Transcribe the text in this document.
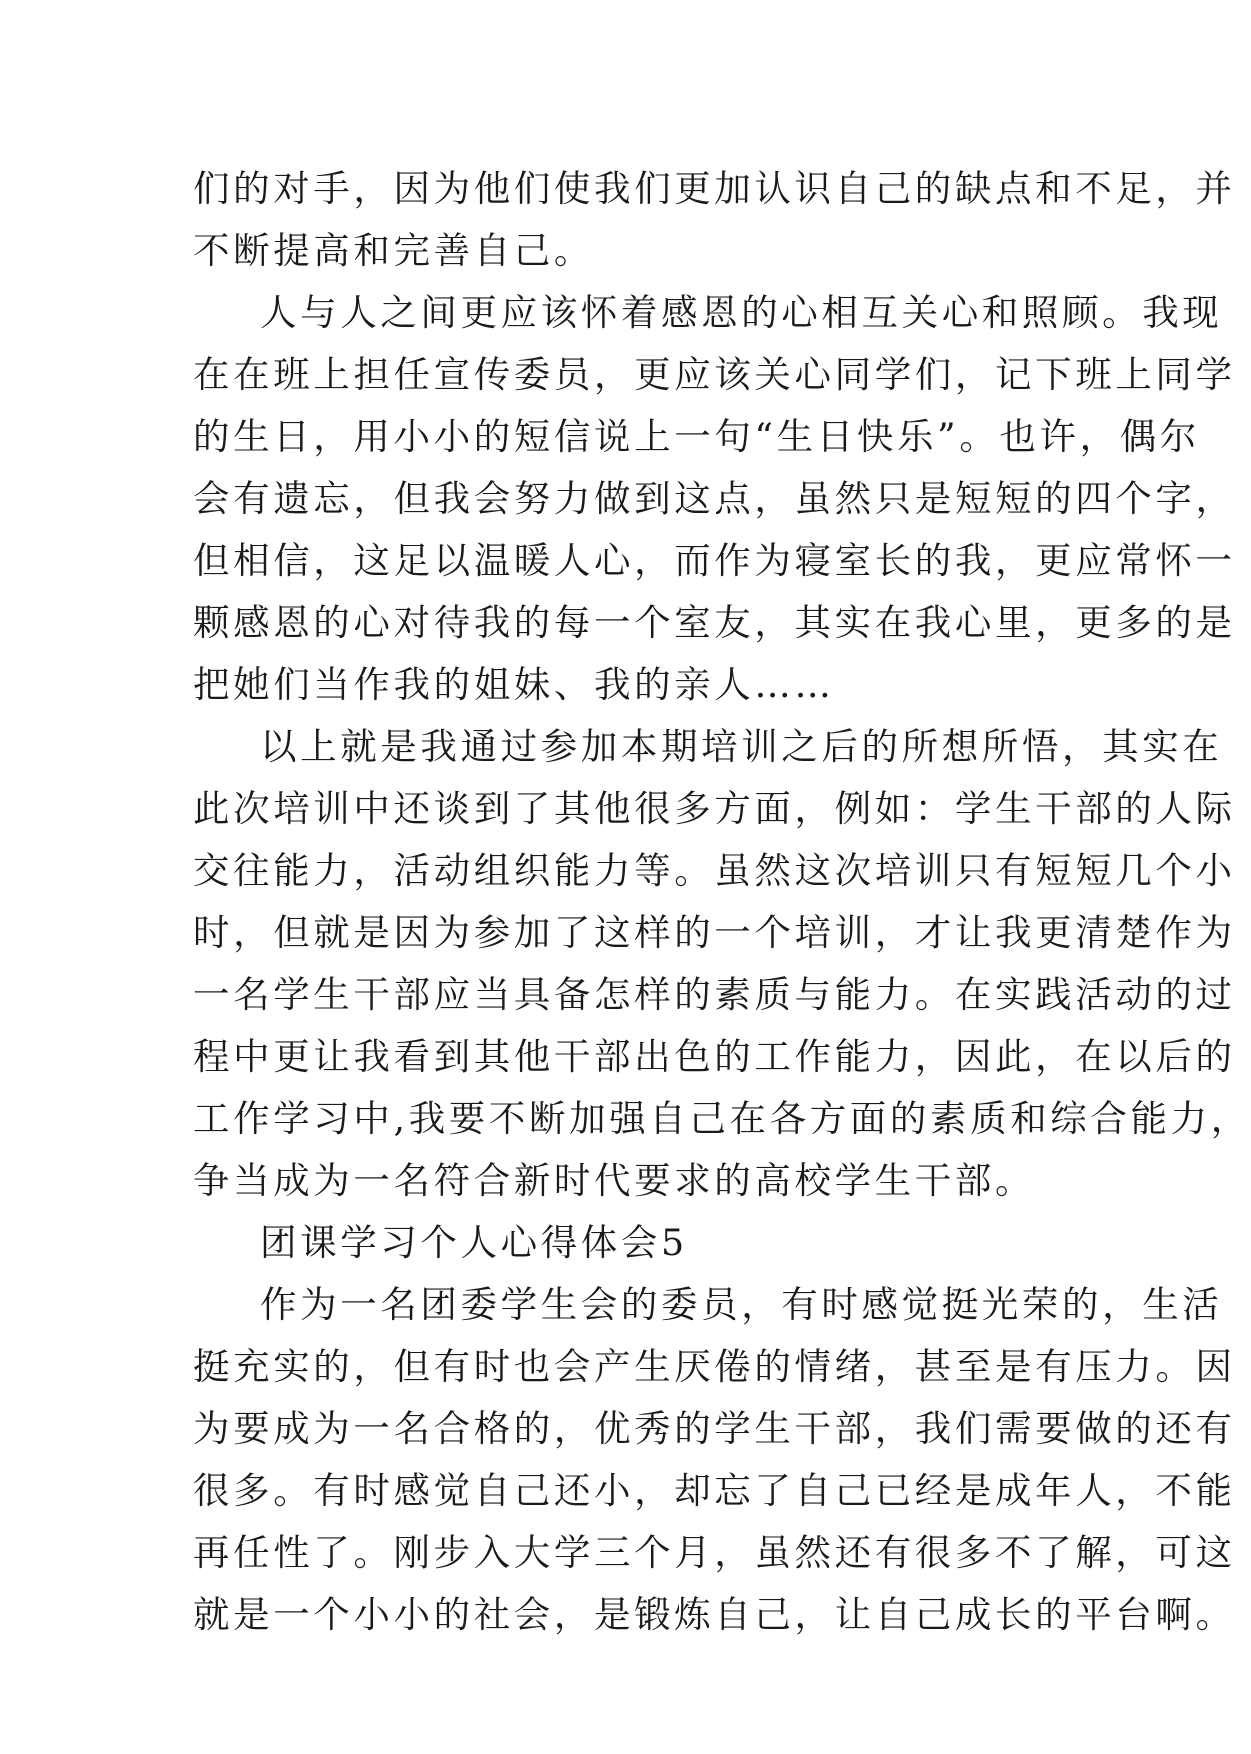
们的对手，因为他们使我们更加认识自己的缺点和不足，并
不断提高和完善自己。
人与人之间更应该怀着感恩的心相互关心和照顾。我现
在在班上担任宣传委员，更应该关心同学们，记下班上同学
的生日，用小小的短信说上一句“生日快乐”。也许，偶尔
会有遗忘，但我会努力做到这点，虽然只是短短的四个字，
但相信，这足以温暖人心，而作为寝室长的我，更应常怀一
颗感恩的心对待我的每一个室友，其实在我心里，更多的是
把她们当作我的姐妹、我的亲人……
以上就是我通过参加本期培训之后的所想所悟，其实在
此次培训中还谈到了其他很多方面，例如：学生干部的人际
交往能力，活动组织能力等。虽然这次培训只有短短几个小
时，但就是因为参加了这样的一个培训，才让我更清楚作为
一名学生干部应当具备怎样的素质与能力。在实践活动的过
程中更让我看到其他干部出色的工作能力，因此，在以后的
工作学习中,我要不断加强自己在各方面的素质和综合能力，
争当成为一名符合新时代要求的高校学生干部。
团课学习个人心得体会5
作为一名团委学生会的委员，有时感觉挺光荣的，生活
挺充实的，但有时也会产生厌倦的情绪，甚至是有压力。因
为要成为一名合格的，优秀的学生干部，我们需要做的还有
很多。有时感觉自己还小，却忘了自己已经是成年人，不能
再任性了。刚步入大学三个月，虽然还有很多不了解，可这
就是一个小小的社会，是锻炼自己，让自己成长的平台啊。
